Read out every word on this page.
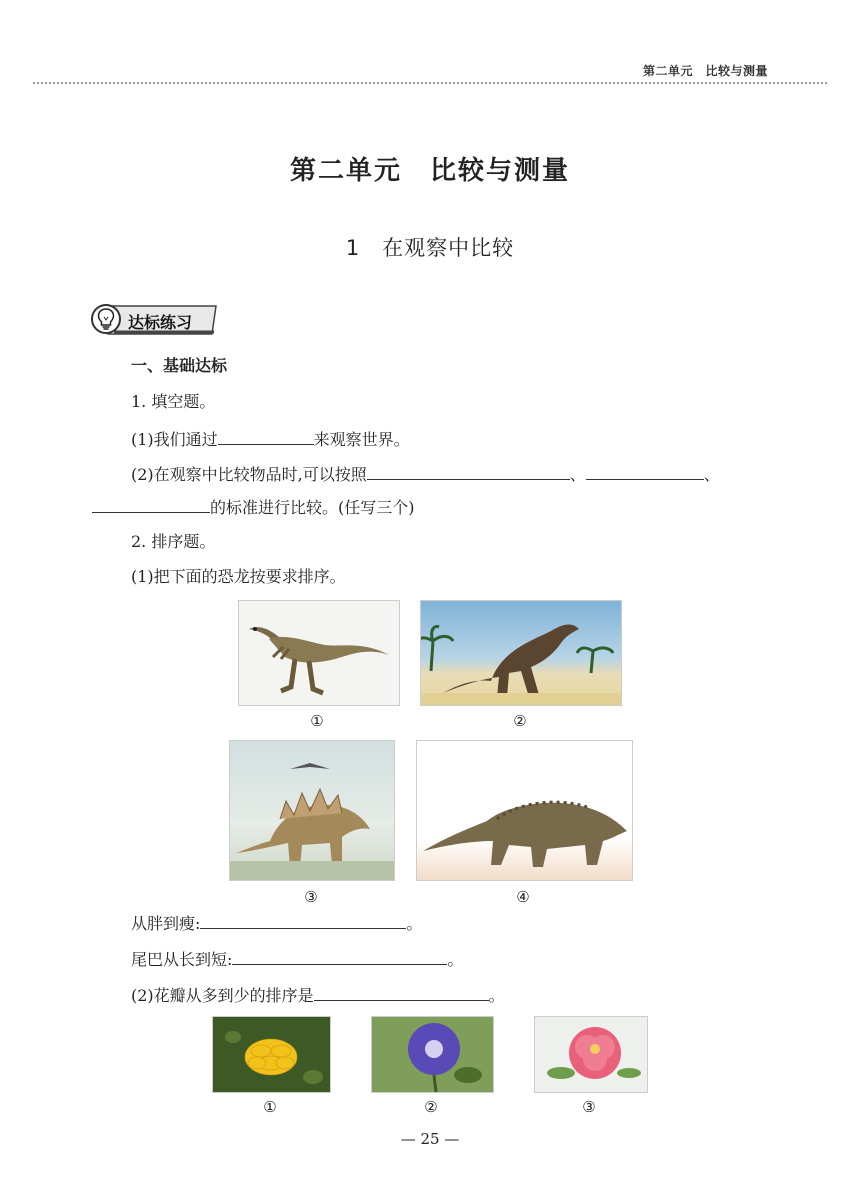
第二单元　比较与测量
第二单元　比较与测量
1　在观察中比较
达标练习
一、基础达标
1. 填空题。
(1)我们通过	来观察世界。
(2)在观察中比较物品时,可以按照	、	、
的标准进行比较。(任写三个)
2. 排序题。
(1)把下面的恐龙按要求排序。
①	②
③	④
从胖到瘦:	。
尾巴从长到短:	。
(2)花瓣从多到少的排序是	。
①	②	③
— 25 —
